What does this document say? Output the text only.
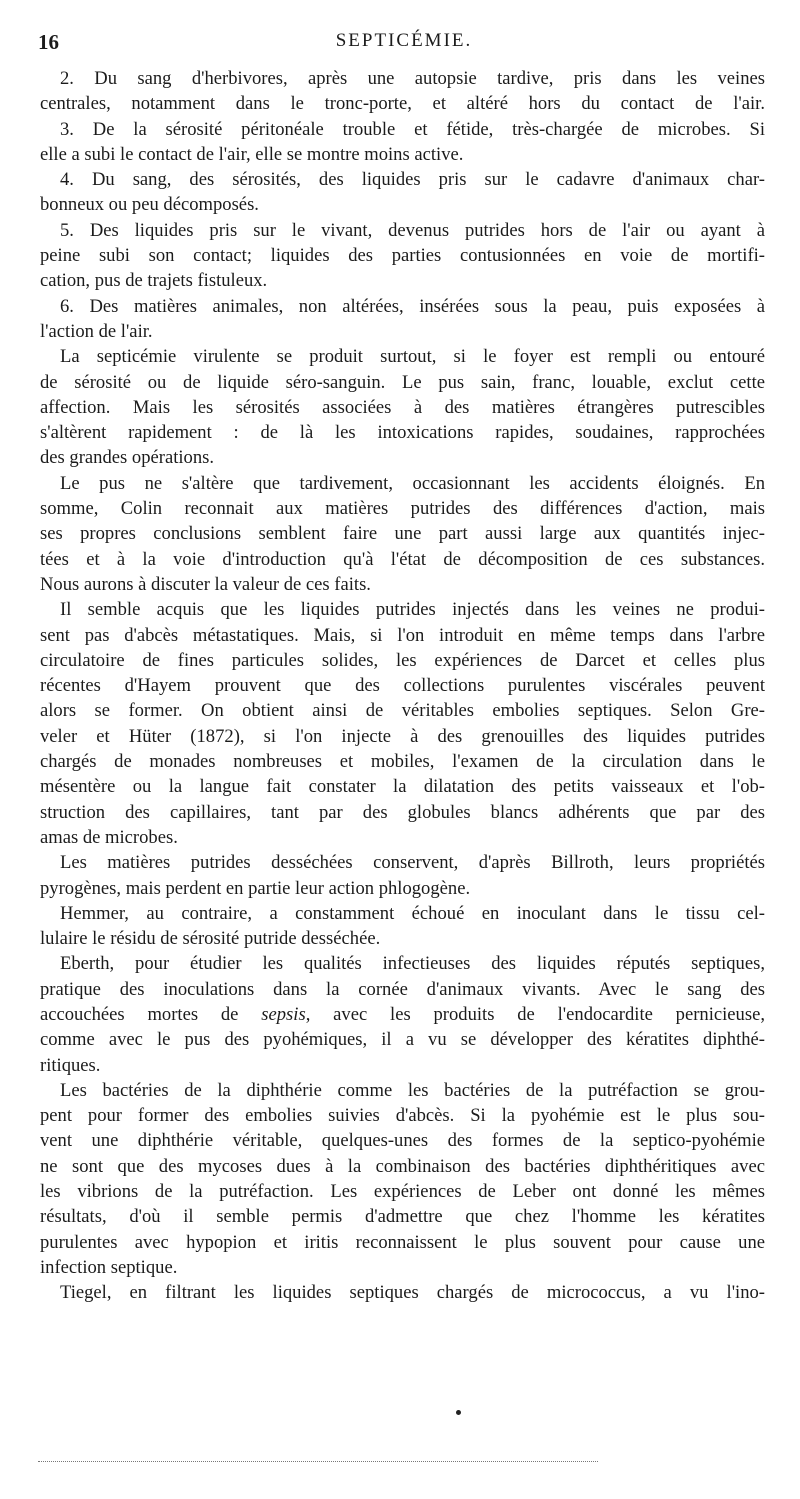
16	SEPTICÉMIE.
2. Du sang d'herbivores, après une autopsie tardive, pris dans les veines
centrales, notamment dans le tronc-porte, et altéré hors du contact de l'air.
3. De la sérosité péritonéale trouble et fétide, très-chargée de microbes. Si
elle a subi le contact de l'air, elle se montre moins active.
4. Du sang, des sérosités, des liquides pris sur le cadavre d'animaux char-
bonneux ou peu décomposés.
5. Des liquides pris sur le vivant, devenus putrides hors de l'air ou ayant à
peine subi son contact; liquides des parties contusionnées en voie de mortifi-
cation, pus de trajets fistuleux.
6. Des matières animales, non altérées, insérées sous la peau, puis exposées à
l'action de l'air.
La septicémie virulente se produit surtout, si le foyer est rempli ou entouré
de sérosité ou de liquide séro-sanguin. Le pus sain, franc, louable, exclut cette
affection. Mais les sérosités associées à des matières étrangères putrescibles
s'altèrent rapidement : de là les intoxications rapides, soudaines, rapprochées
des grandes opérations.
Le pus ne s'altère que tardivement, occasionnant les accidents éloignés. En
somme, Colin reconnait aux matières putrides des différences d'action, mais
ses propres conclusions semblent faire une part aussi large aux quantités injec-
tées et à la voie d'introduction qu'à l'état de décomposition de ces substances.
Nous aurons à discuter la valeur de ces faits.
Il semble acquis que les liquides putrides injectés dans les veines ne produi-
sent pas d'abcès métastatiques. Mais, si l'on introduit en même temps dans l'arbre
circulatoire de fines particules solides, les expériences de Darcet et celles plus
récentes d'Hayem prouvent que des collections purulentes viscérales peuvent
alors se former. On obtient ainsi de véritables embolies septiques. Selon Gre-
veler et Hüter (1872), si l'on injecte à des grenouilles des liquides putrides
chargés de monades nombreuses et mobiles, l'examen de la circulation dans le
mésentère ou la langue fait constater la dilatation des petits vaisseaux et l'ob-
struction des capillaires, tant par des globules blancs adhérents que par des
amas de microbes.
Les matières putrides desséchées conservent, d'après Billroth, leurs propriétés
pyrogènes, mais perdent en partie leur action phlogogène.
Hemmer, au contraire, a constamment échoué en inoculant dans le tissu cel-
lulaire le résidu de sérosité putride desséchée.
Eberth, pour étudier les qualités infectieuses des liquides réputés septiques,
pratique des inoculations dans la cornée d'animaux vivants. Avec le sang des
accouchées mortes de sepsis, avec les produits de l'endocardite pernicieuse,
comme avec le pus des pyohémiques, il a vu se développer des kératites diphthé-
ritiques.
Les bactéries de la diphthérie comme les bactéries de la putréfaction se grou-
pent pour former des embolies suivies d'abcès. Si la pyohémie est le plus sou-
vent une diphthérie véritable, quelques-unes des formes de la septico-pyohémie
ne sont que des mycoses dues à la combinaison des bactéries diphthéritiques avec
les vibrions de la putréfaction. Les expériences de Leber ont donné les mêmes
résultats, d'où il semble permis d'admettre que chez l'homme les kératites
purulentes avec hypopion et iritis reconnaissent le plus souvent pour cause une
infection septique.
Tiegel, en filtrant les liquides septiques chargés de micrococcus, a vu l'ino-
